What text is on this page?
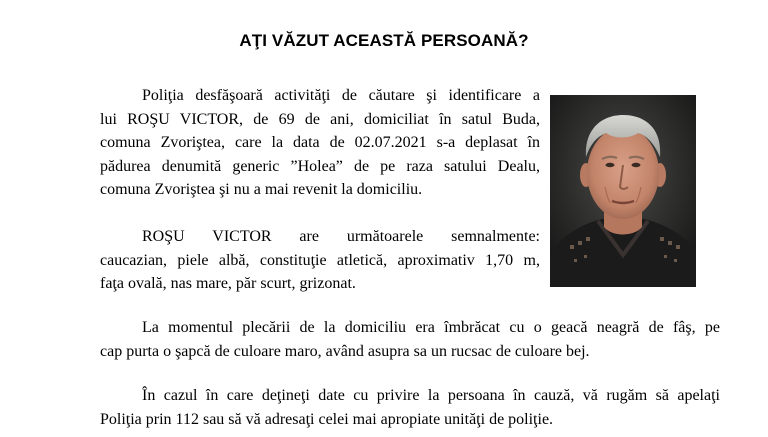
AŢI VĂZUT ACEASTĂ PERSOANĂ?
Poliţia desfăşoară activităţi de căutare şi identificare a
lui ROŞU VICTOR, de 69 de ani, domiciliat în satul Buda,
comuna Zvoriştea, care la data de 02.07.2021 s-a deplasat în
pădurea denumită generic ”Holea” de pe raza satului Dealu,
comuna Zvoriştea şi nu a mai revenit la domiciliu.
ROŞU VICTOR are următoarele semnalmente:
caucazian, piele albă, constituţie atletică, aproximativ 1,70 m,
faţa ovală, nas mare, păr scurt, grizonat.
La momentul plecării de la domiciliu era îmbrăcat cu o geacă neagră de fâş, pe
cap purta o şapcă de culoare maro, având asupra sa un rucsac de culoare bej.
În cazul în care deţineţi date cu privire la persoana în cauză, vă rugăm să apelaţi
Poliţia prin 112 sau să vă adresaţi celei mai apropiate unităţi de poliţie.
